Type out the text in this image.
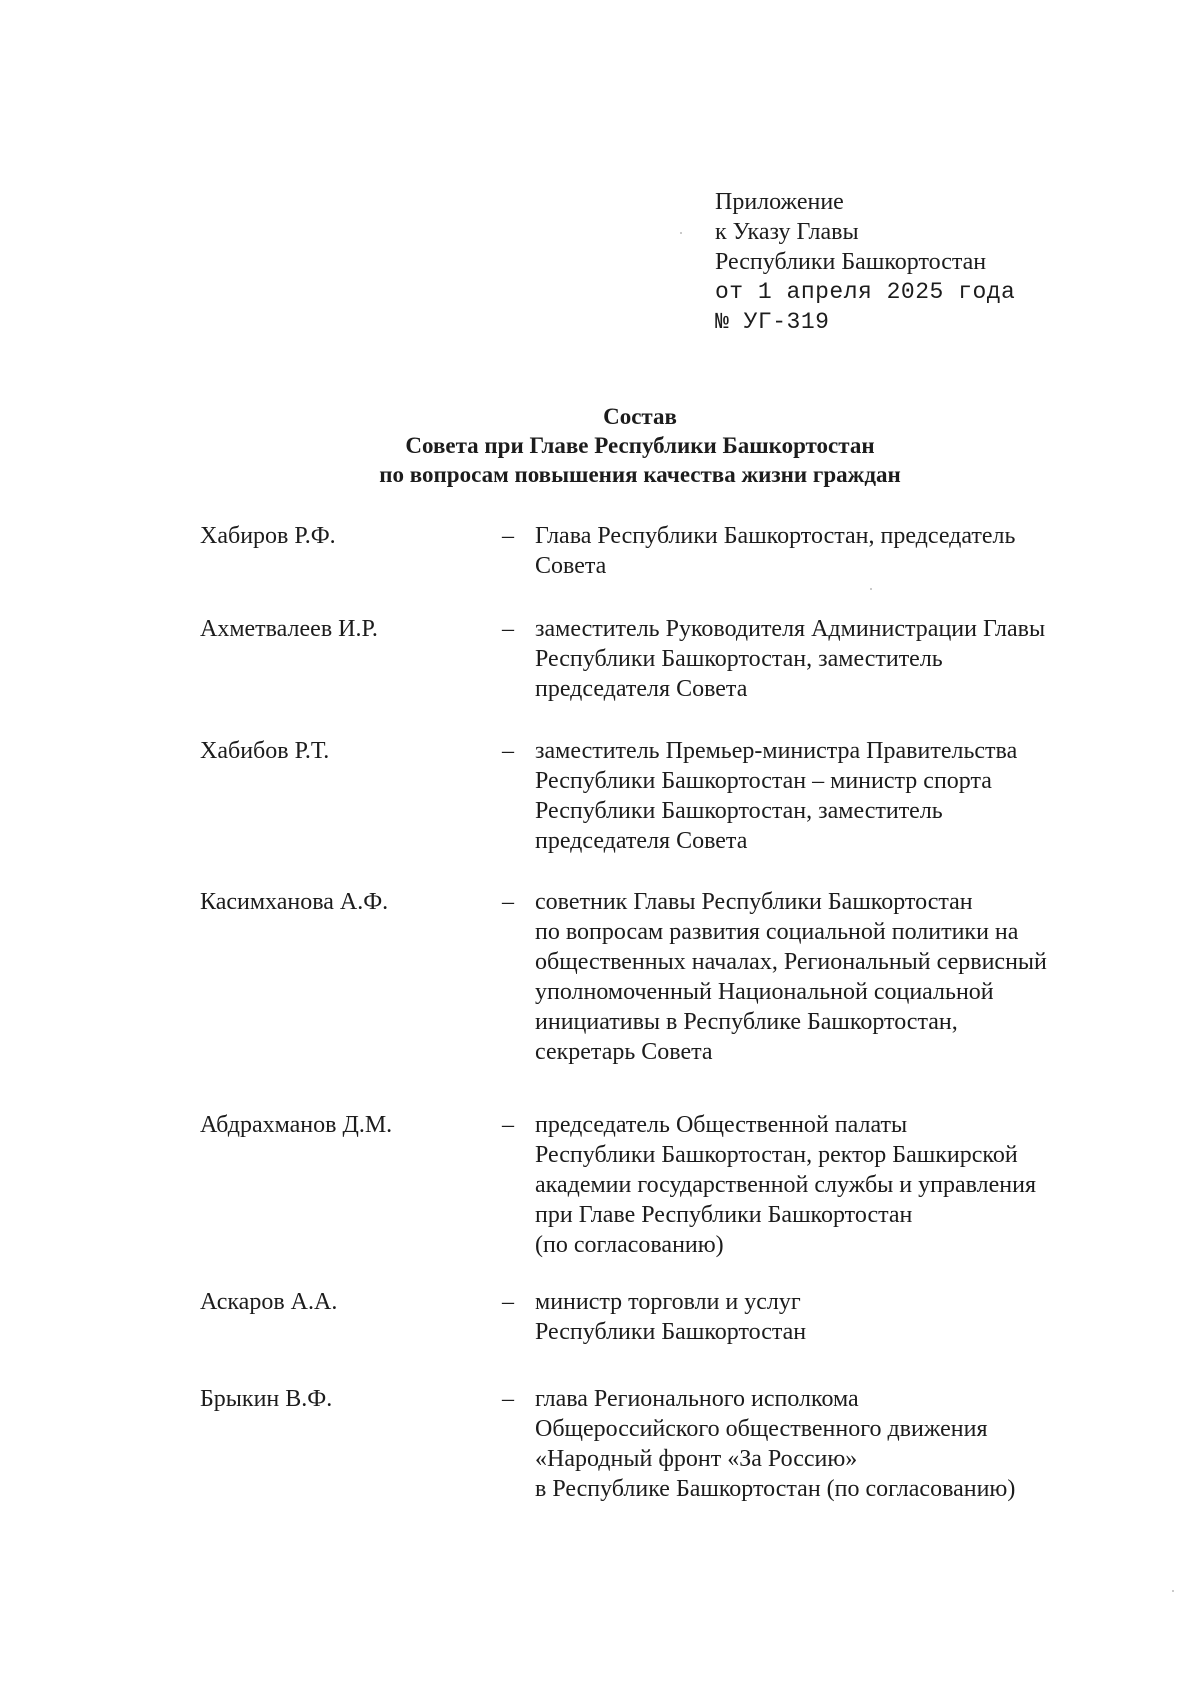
Приложение
к Указу Главы
Республики Башкортостан
от 1 апреля 2025 года
№ УГ-319
Состав
Совета при Главе Республики Башкортостан
по вопросам повышения качества жизни граждан
Хабиров Р.Ф.	– Глава Республики Башкортостан, председатель
Совета
Ахметвалеев И.Р.	– заместитель Руководителя Администрации Главы
Республики Башкортостан, заместитель
председателя Совета
Хабибов Р.Т.	– заместитель Премьер-министра Правительства
Республики Башкортостан – министр спорта
Республики Башкортостан, заместитель
председателя Совета
Касимханова А.Ф.	– советник Главы Республики Башкортостан
по вопросам развития социальной политики на
общественных началах, Региональный сервисный
уполномоченный Национальной социальной
инициативы в Республике Башкортостан,
секретарь Совета
Абдрахманов Д.М.	– председатель Общественной палаты
Республики Башкортостан, ректор Башкирской
академии государственной службы и управления
при Главе Республики Башкортостан
(по согласованию)
Аскаров А.А.	– министр торговли и услуг
Республики Башкортостан
Брыкин В.Ф.	– глава Регионального исполкома
Общероссийского общественного движения
«Народный фронт «За Россию»
в Республике Башкортостан (по согласованию)
